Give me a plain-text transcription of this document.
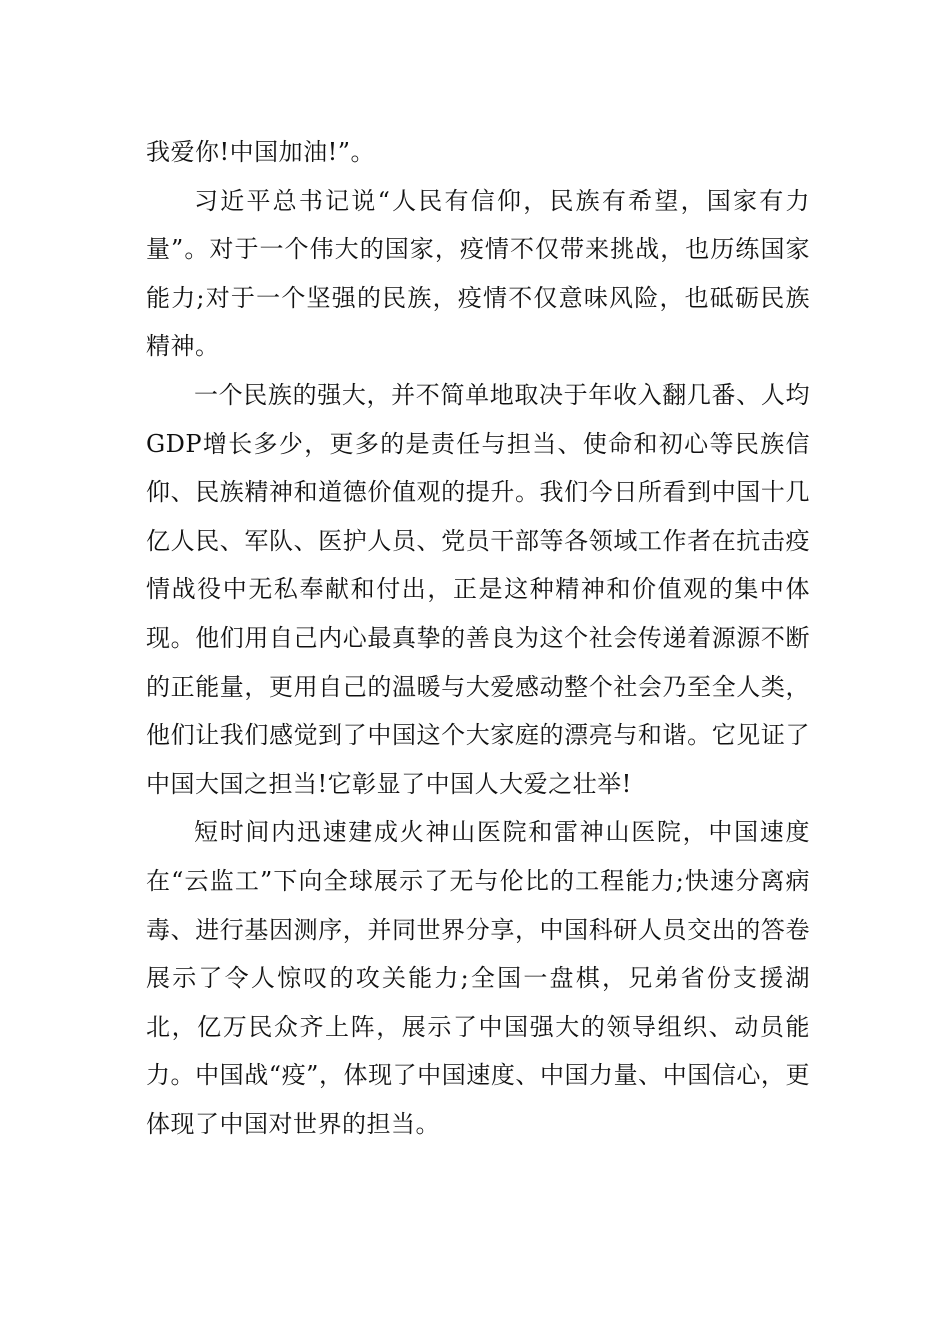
我爱你!中国加油!”。

习近平总书记说“人民有信仰，民族有希望，国家有力量”。对于一个伟大的国家，疫情不仅带来挑战，也历练国家能力;对于一个坚强的民族，疫情不仅意味风险，也砥砺民族精神。

一个民族的强大，并不简单地取决于年收入翻几番、人均GDP增长多少，更多的是责任与担当、使命和初心等民族信仰、民族精神和道德价值观的提升。我们今日所看到中国十几亿人民、军队、医护人员、党员干部等各领域工作者在抗击疫情战役中无私奉献和付出，正是这种精神和价值观的集中体现。他们用自己内心最真挚的善良为这个社会传递着源源不断的正能量，更用自己的温暖与大爱感动整个社会乃至全人类，他们让我们感觉到了中国这个大家庭的漂亮与和谐。它见证了中国大国之担当!它彰显了中国人大爱之壮举!

短时间内迅速建成火神山医院和雷神山医院，中国速度在“云监工”下向全球展示了无与伦比的工程能力;快速分离病毒、进行基因测序，并同世界分享，中国科研人员交出的答卷展示了令人惊叹的攻关能力;全国一盘棋，兄弟省份支援湖北，亿万民众齐上阵，展示了中国强大的领导组织、动员能力。中国战“疫”，体现了中国速度、中国力量、中国信心，更体现了中国对世界的担当。
